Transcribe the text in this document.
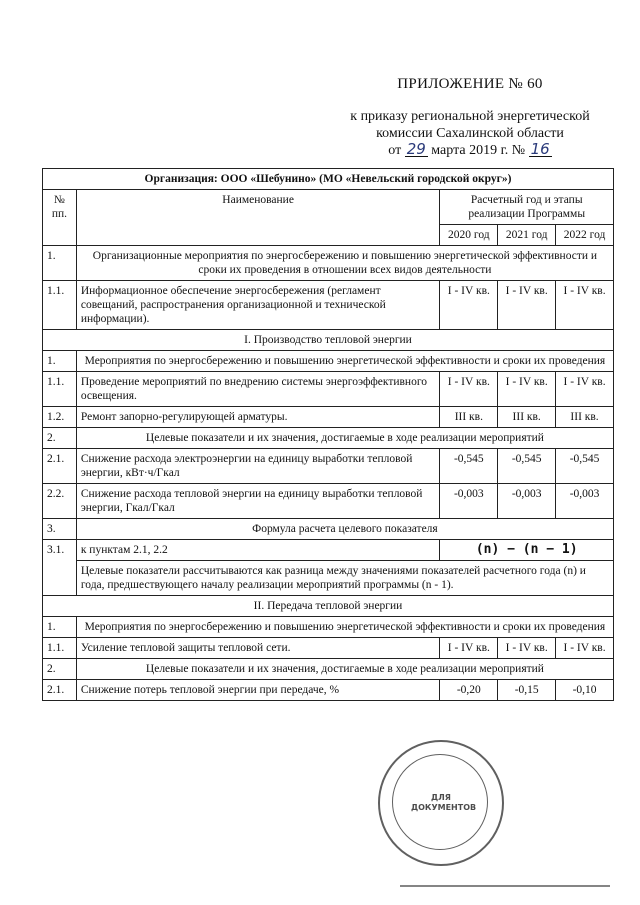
ПРИЛОЖЕНИЕ № 60
к приказу региональной энергетической
комиссии Сахалинской области
от 29 марта 2019 г. № 16
Организация: ООО «Шебунино» (МО «Невельский городской округ»)				
№ пп.	Наименование	Расчетный год и этапы реализации Программы		
		2020 год	2021 год	2022 год
1.	Организационные мероприятия по энергосбережению и повышению энергетической эффективности и сроки их проведения в отношении всех видов деятельности			
1.1.	Информационное обеспечение энергосбережения (регламент совещаний, распространения организационной и технической информации).	I - IV кв.	I - IV кв.	I - IV кв.
I. Производство тепловой энергии				
1.	Мероприятия по энергосбережению и повышению энергетической эффективности и сроки их проведения			
1.1.	Проведение мероприятий по внедрению системы энергоэффективного освещения.	I - IV кв.	I - IV кв.	I - IV кв.
1.2.	Ремонт запорно-регулирующей арматуры.	III кв.	III кв.	III кв.
2.	Целевые показатели и их значения, достигаемые в ходе реализации мероприятий			
2.1.	Снижение расхода электроэнергии на единицу выработки тепловой энергии, кВт·ч/Гкал	-0,545	-0,545	-0,545
2.2.	Снижение расхода тепловой энергии на единицу выработки тепловой энергии, Гкал/Гкал	-0,003	-0,003	-0,003
3.	Формула расчета целевого показателя			
3.1.	к пунктам 2.1, 2.2	(n) − (n − 1)		
	Целевые показатели рассчитываются как разница между значениями показателей расчетного года (n) и года, предшествующего началу реализации мероприятий программы (n - 1).			
II. Передача тепловой энергии				
1.	Мероприятия по энергосбережению и повышению энергетической эффективности и сроки их проведения			
1.1.	Усиление тепловой защиты тепловой сети.	I - IV кв.	I - IV кв.	I - IV кв.
2.	Целевые показатели и их значения, достигаемые в ходе реализации мероприятий			
2.1.	Снижение потерь тепловой энергии при передаче, %	-0,20	-0,15	-0,10
ДЛЯ ДОКУМЕНТОВ
